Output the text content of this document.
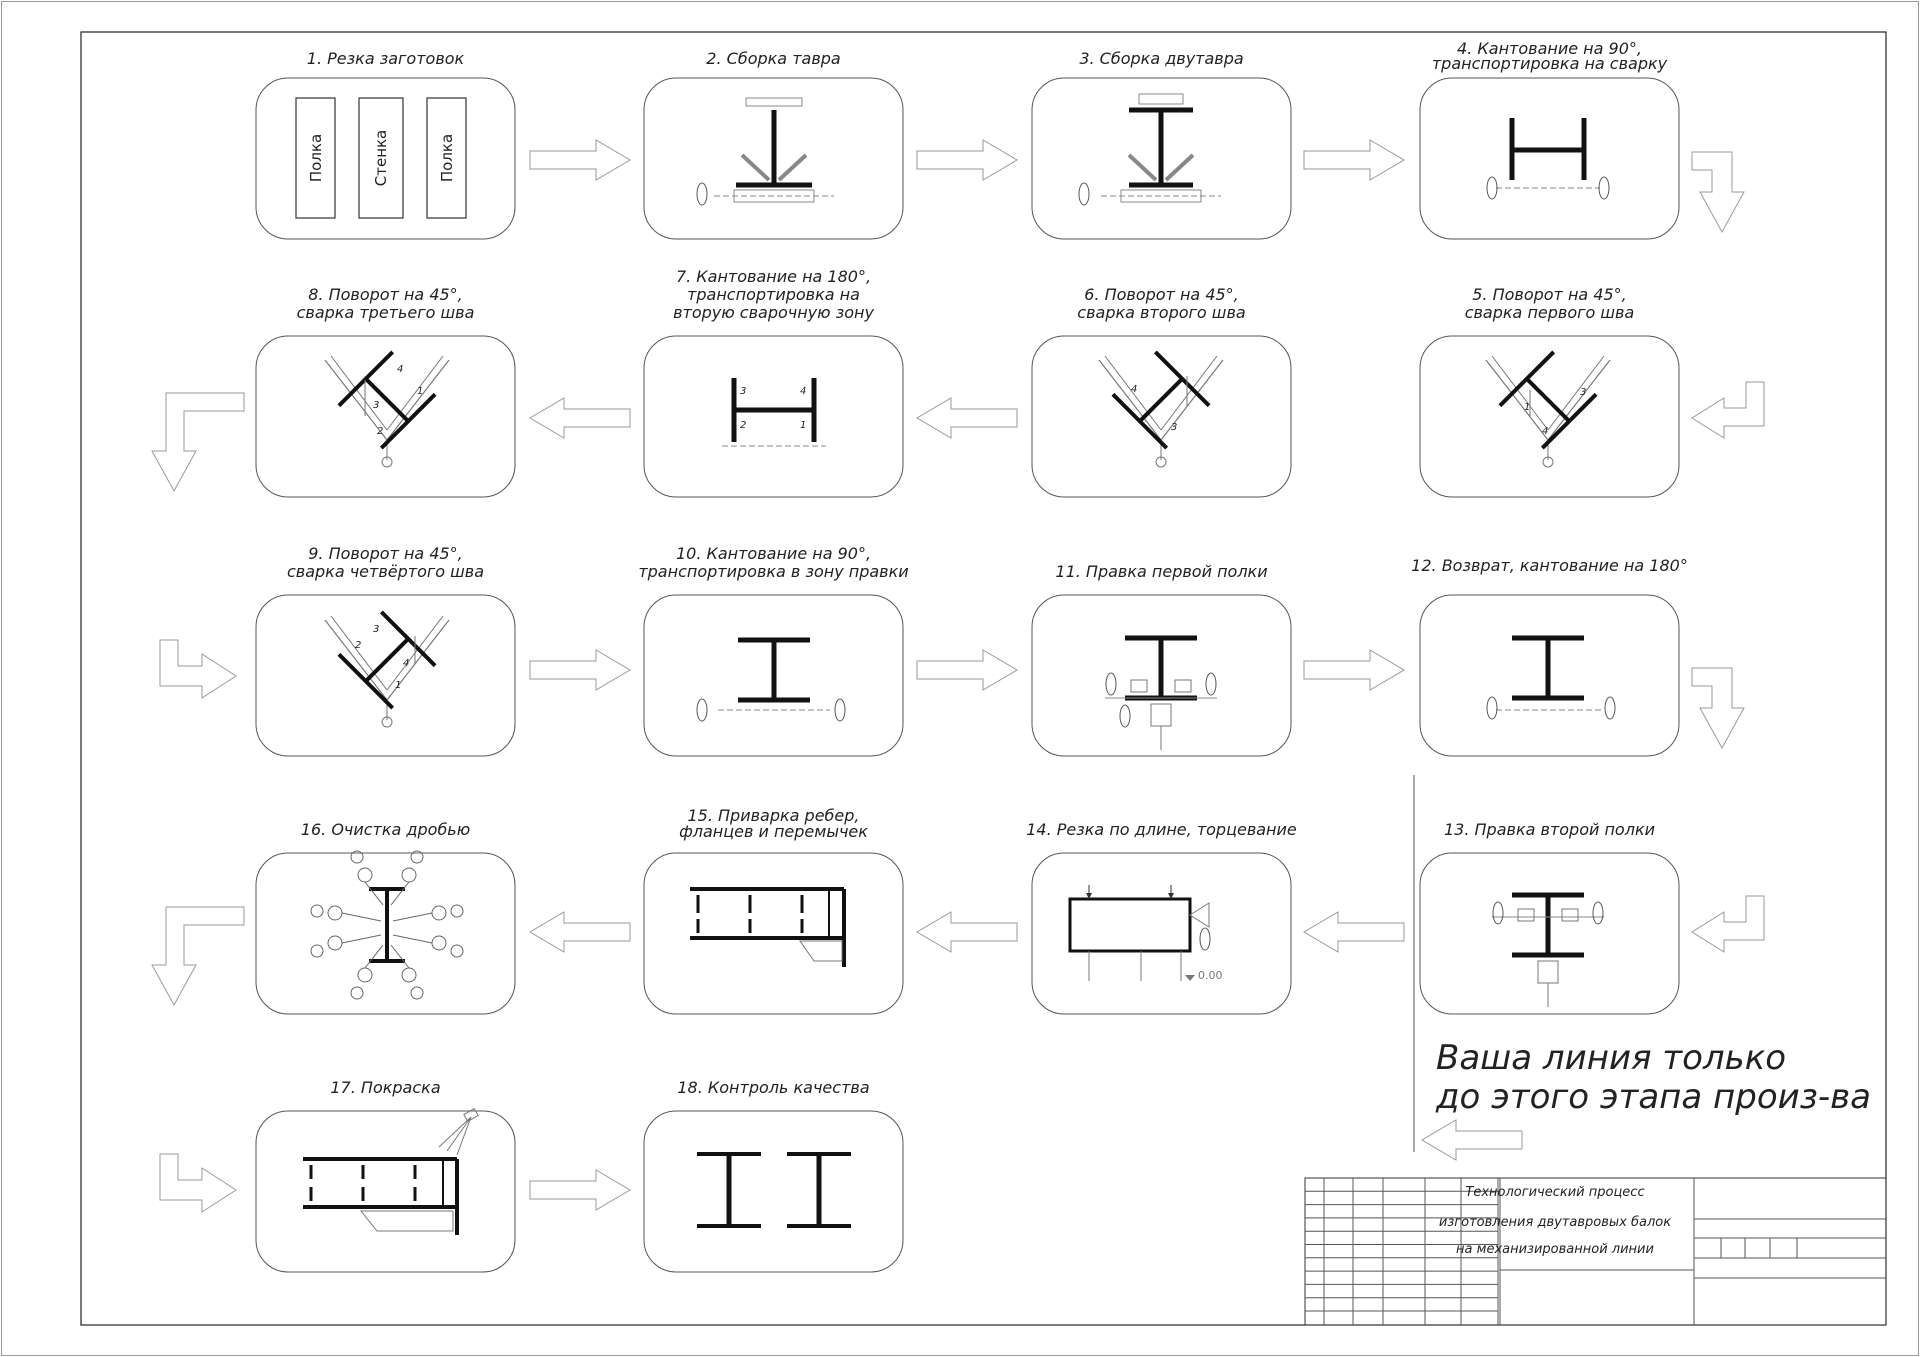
1. Резка заготовок	2. Сборка тавра	3. Сборка двутавра
4. Кантование на 90°,
транспортировка на сварку
8. Поворот на 45°,
сварка третьего шва
7. Кантование на 180°,
транспортировка на
вторую сварочную зону
6. Поворот на 45°,
сварка второго шва
5. Поворот на 45°,
сварка первого шва
9. Поворот на 45°,
сварка четвёртого шва
10. Кантование на 90°,
транспортировка в зону правки	11. Правка первой полки	12. Возврат, кантование на 180°
16. Очистка дробью
15. Приварка ребер,
фланцев и перемычек	14. Резка по длине, торцевание	13. Правка второй полки
17. Покраска	18. Контроль качества
Полка	Стенка	Полка
1
3
4
4
3
3	4
2	1
4
1
3
2
3
2
4
1
0.00
Ваша линия только
до этого этапа произ-ва
Технологический процесс
изготовления двутавровых балок
на механизированной линии
